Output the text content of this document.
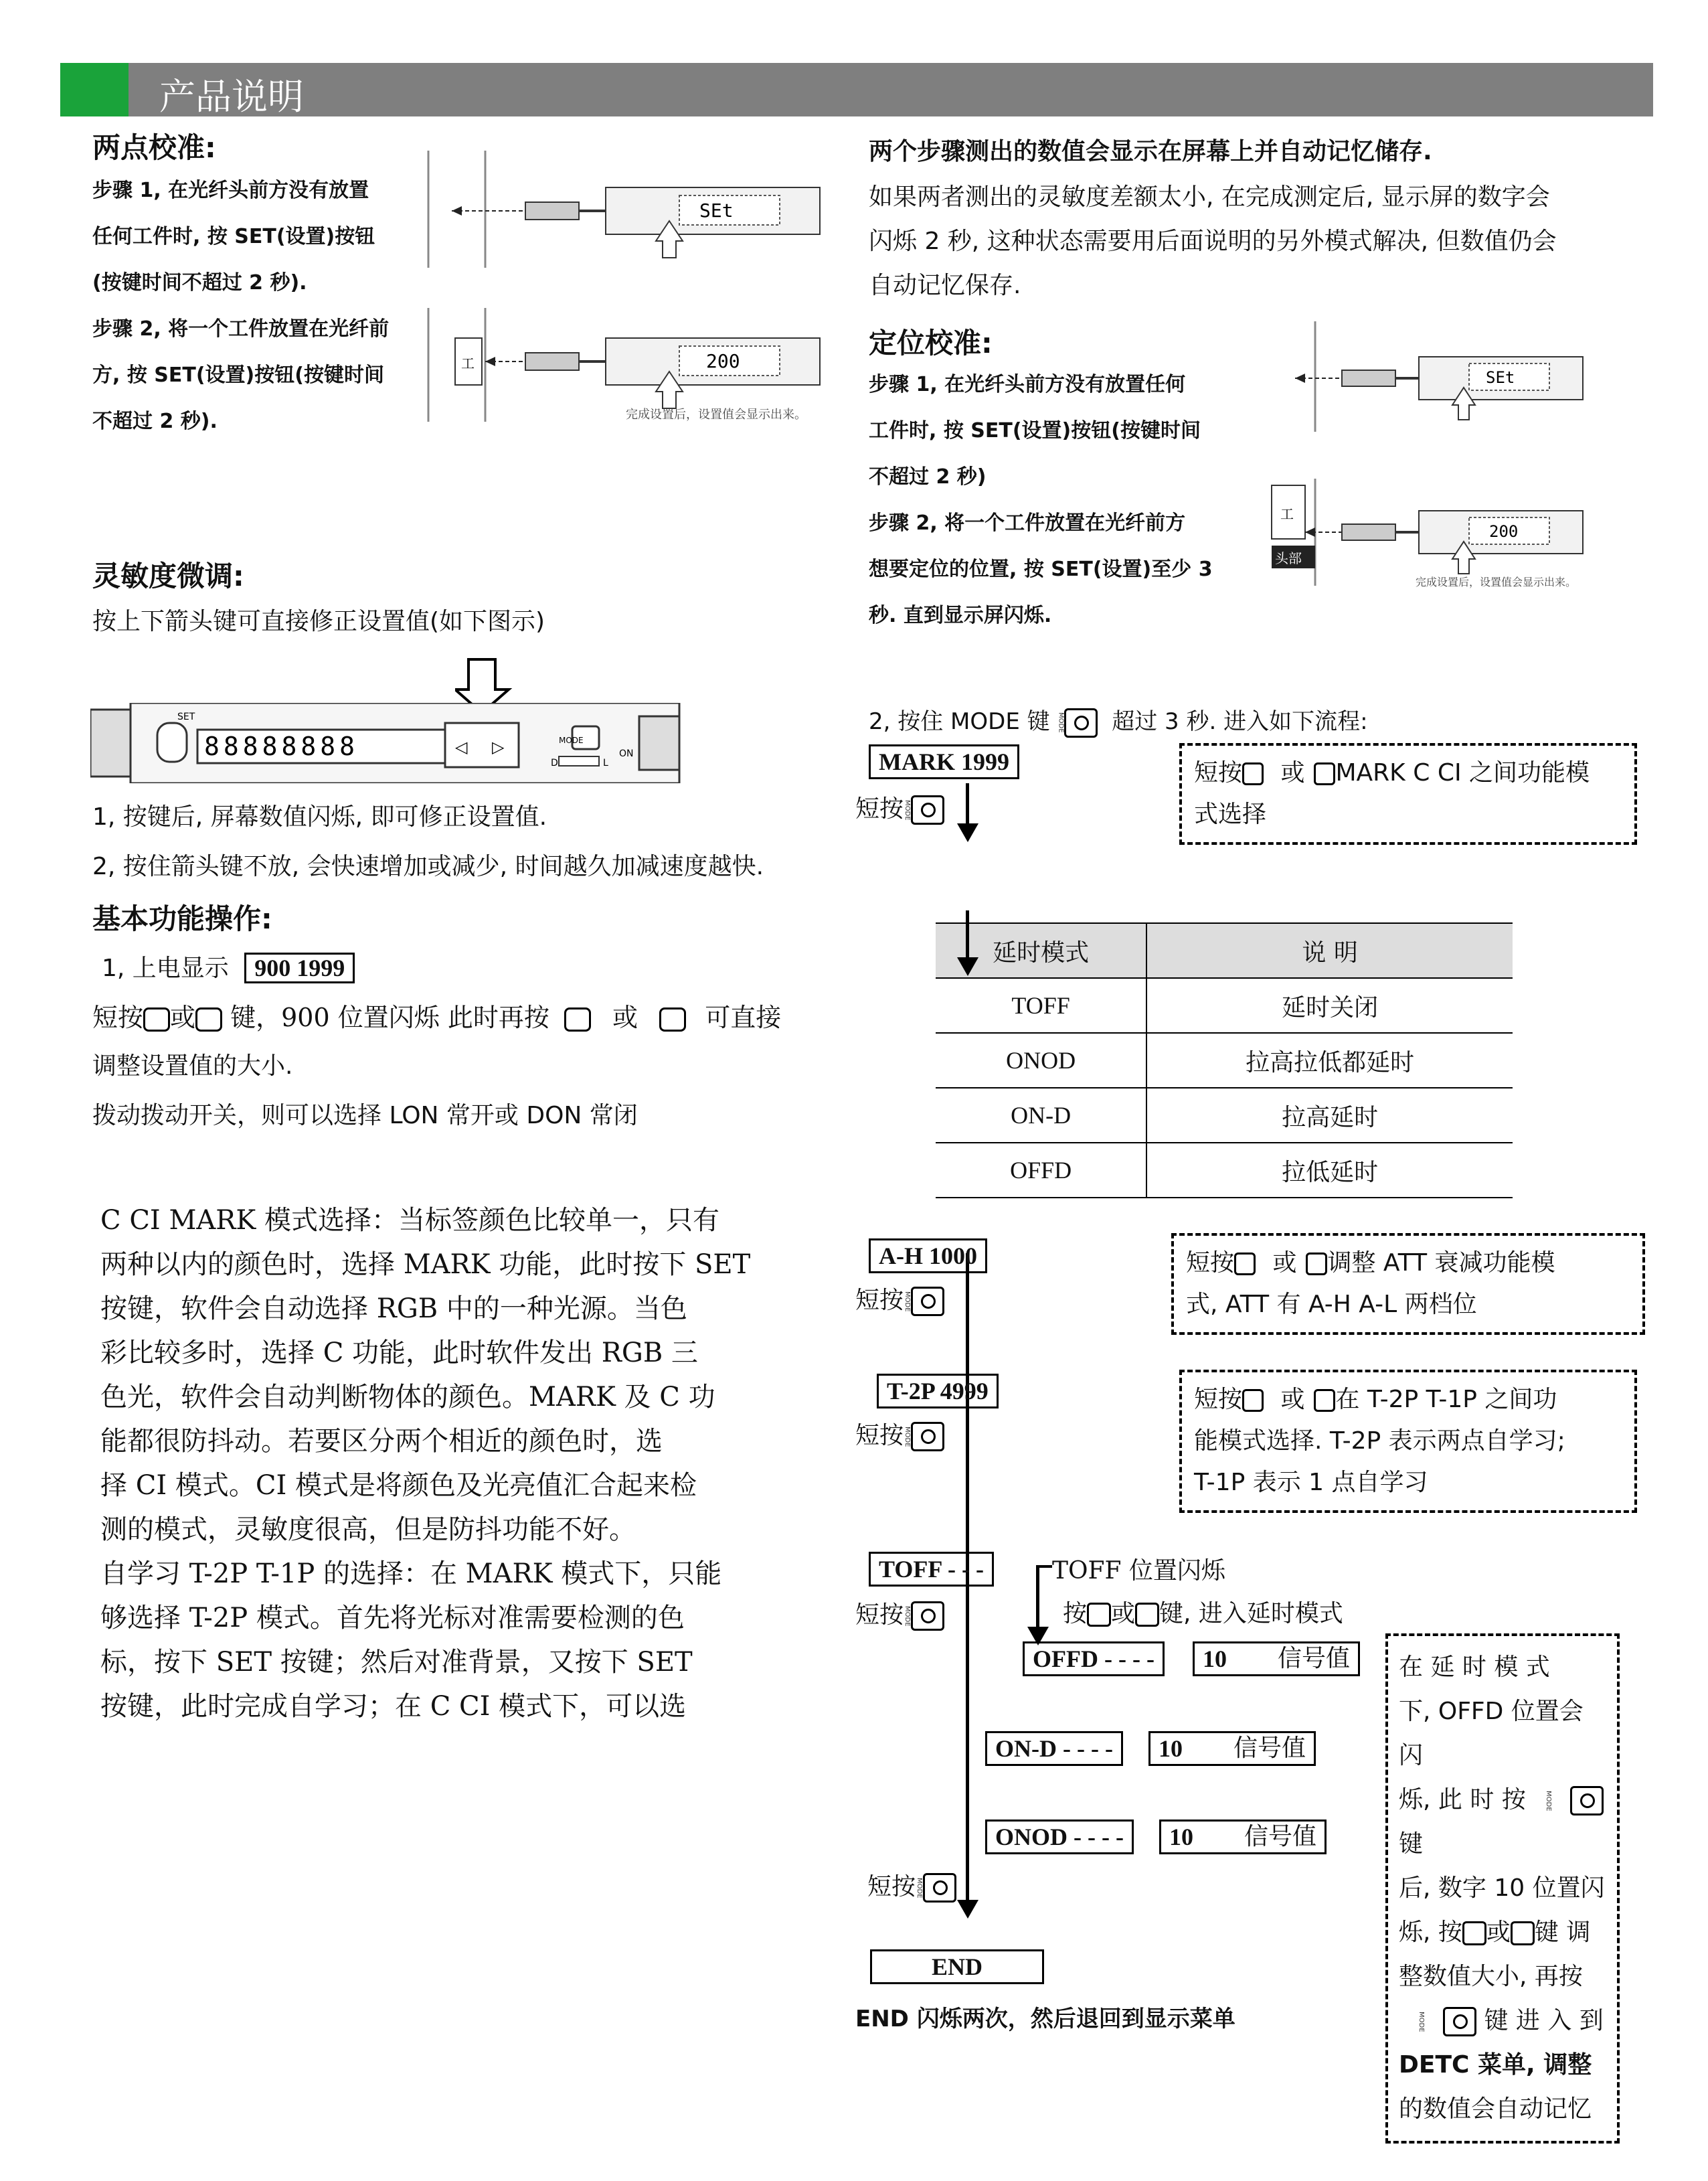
产品说明
两点校准:
步骤 1, 在光纤头前方没有放置
任何工件时, 按 SET(设置)按钮
(按键时间不超过 2 秒).
步骤 2, 将一个工件放置在光纤前
方, 按 SET(设置)按钮(按键时间
不超过 2 秒).
SEt
工	200
完成设置后，设置值会显示出来。
两个步骤测出的数值会显示在屏幕上并自动记忆储存.
如果两者测出的灵敏度差额太小, 在完成测定后, 显示屏的数字会
闪烁 2 秒, 这种状态需要用后面说明的另外模式解决, 但数值仍会
自动记忆保存.
定位校准:
步骤 1, 在光纤头前方没有放置任何
工件时, 按 SET(设置)按钮(按键时间
不超过 2 秒)
步骤 2, 将一个工件放置在光纤前方
想要定位的位置, 按 SET(设置)至少 3
秒. 直到显示屏闪烁.
SEt
工
头部
200
完成设置后，设置值会显示出来。
灵敏度微调:
按上下箭头键可直接修正设置值(如下图示)
SET
88888888	◁ ▷	MODE
D	L
ON
1, 按键后, 屏幕数值闪烁, 即可修正设置值.
2, 按住箭头键不放, 会快速增加或减少, 时间越久加减速度越快.
基本功能操作:
1, 上电显示 900 1999
短按 或 键，900 位置闪烁 此时再按 或	可直接
调整设置值的大小.
拨动拨动开关，则可以选择 LON 常开或 DON 常闭
C CI MARK 模式选择：当标签颜色比较单一，只有
两种以内的颜色时，选择 MARK 功能，此时按下 SET
按键，软件会自动选择 RGB 中的一种光源。当色
彩比较多时，选择 C 功能，此时软件发出 RGB 三
色光，软件会自动判断物体的颜色。MARK 及 C 功
能都很防抖动。若要区分两个相近的颜色时，选
择 CI 模式。CI 模式是将颜色及光亮值汇合起来检
测的模式，灵敏度很高，但是防抖功能不好。
自学习 T-2P T-1P 的选择：在 MARK 模式下，只能
够选择 T-2P 模式。首先将光标对准需要检测的色
标，按下 SET 按键；然后对准背景，又按下 SET
按键，此时完成自学习；在 C CI 模式下，可以选
2, 按住 MODE 键 MODE 超过 3 秒. 进入如下流程:
MARK 1999
短按MODE
短按 或 MARK C CI 之间功能模
式选择
延时模式	说 明
TOFF	延时关闭
ONOD	拉高拉低都延时
ON-D	拉高延时
OFFD	拉低延时
A-H 1000
短按MODE
短按 或 调整 ATT 衰减功能模
式, ATT 有 A-H A-L 两档位
T-2P 4999
短按MODE
短按 或 在 T-2P T-1P 之间功
能模式选择. T-2P 表示两点自学习;
T-1P 表示 1 点自学习
TOFF - - -
短按MODE
TOFF 位置闪烁
按 或 键, 进入延时模式
OFFD - - - -	10 信号值
ON-D - - - -	10 信号值
ONOD - - - -	10 信号值
短按MODE
END
END 闪烁两次，然后退回到显示菜单
在 延 时 模 式
下, OFFD 位置会闪
烁, 此 时 按	MODE键
后, 数字 10 位置闪
烁, 按 或 键 调
整数值大小, 再按
MODE 键 进 入 到
DETC 菜单, 调整
的数值会自动记忆
